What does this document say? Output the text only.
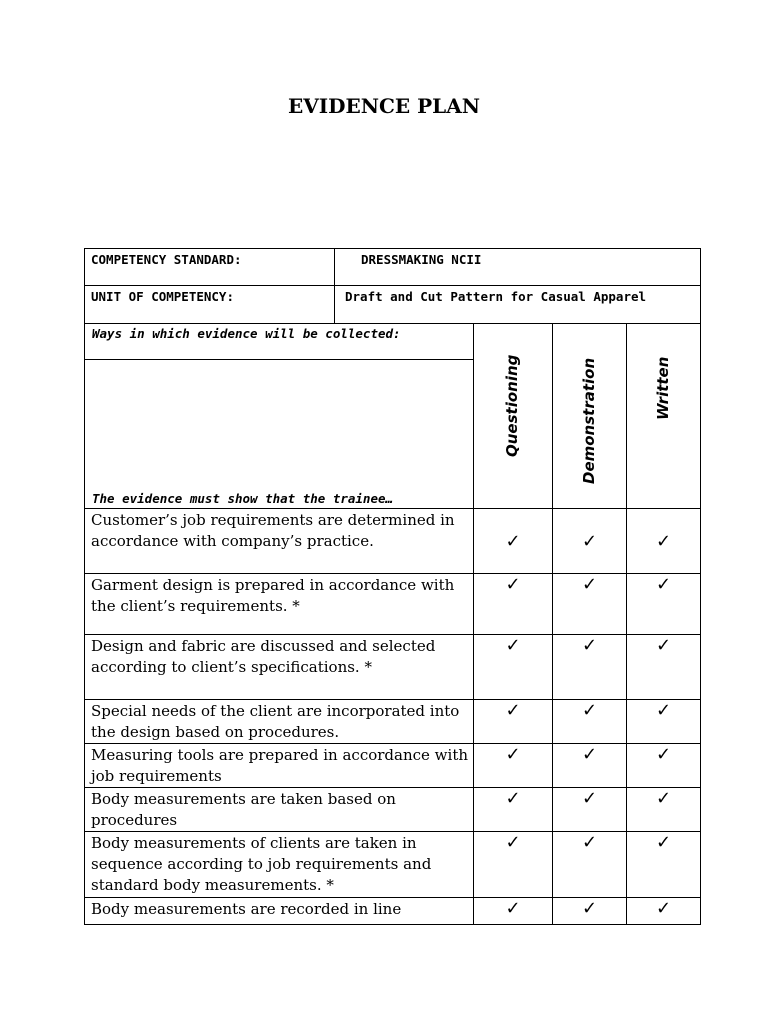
EVIDENCE PLAN
COMPETENCY STANDARD:	DRESSMAKING NCII			
UNIT OF COMPETENCY:	Draft and Cut Pattern for Casual Apparel			

Ways in which evidence will be collected:
The evidence must show that the trainee…		Questioning	Demonstration	Written

Customer’s job requirements are determined in accordance with company’s practice.		✓	✓	✓
Garment design is prepared in accordance with the client’s requirements. *		✓	✓	✓
Design and fabric are discussed and selected according to client’s specifications. *		✓	✓	✓
Special needs of the client are incorporated into the design based on procedures.		✓	✓	✓
Measuring tools are prepared in accordance with job requirements		✓	✓	✓
Body measurements are taken based on procedures		✓	✓	✓
Body measurements of clients are taken in sequence according to job requirements and standard body measurements. *		✓	✓	✓
Body measurements are recorded in line		✓	✓	✓
